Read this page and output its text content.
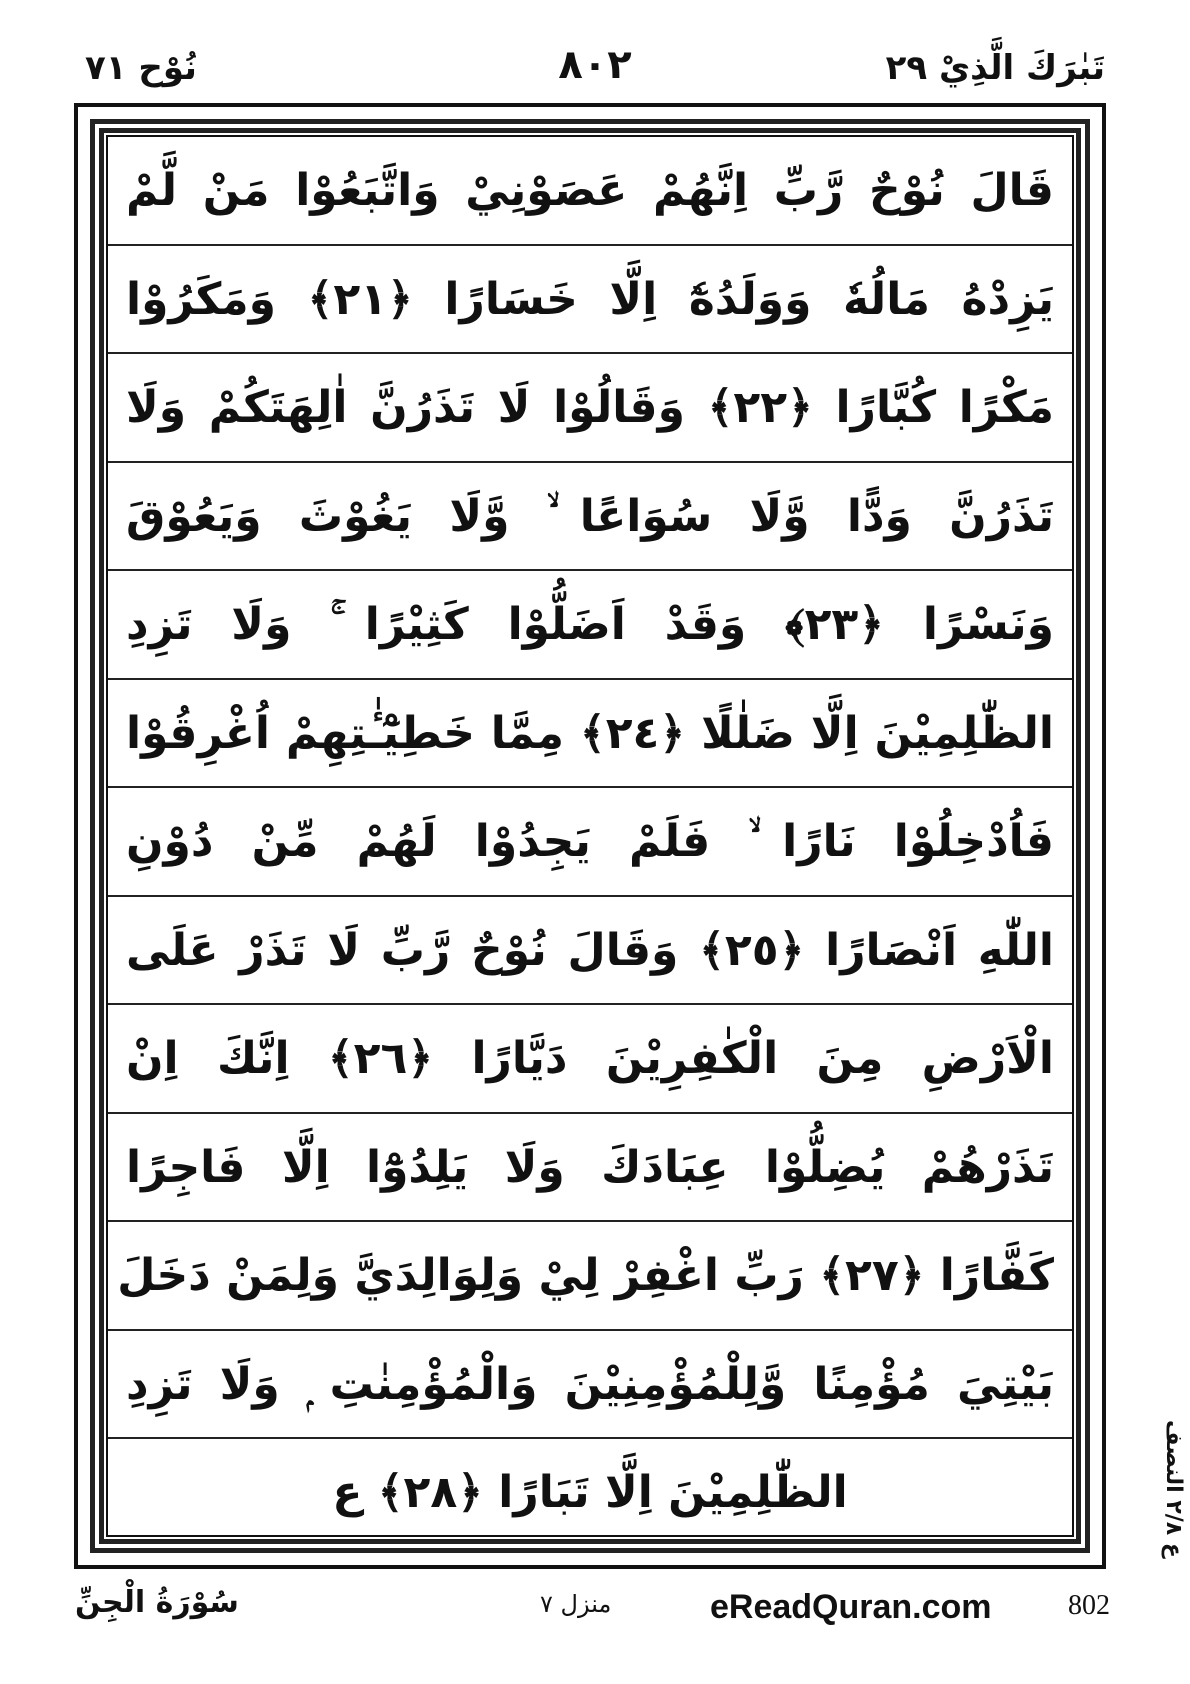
نُوْح ٧١	٨٠٢	تَبٰرَكَ الَّذِيْ ٢٩
قَالَ نُوْحٌ رَّبِّ اِنَّهُمْ عَصَوْنِيْ وَاتَّبَعُوْا مَنْ لَّمْ
يَزِدْهُ مَالُهٗ وَوَلَدُهٗٓ اِلَّا خَسَارًا ﴿٢١﴾ وَمَكَرُوْا
مَكْرًا كُبَّارًا ﴿٢٢﴾ وَقَالُوْا لَا تَذَرُنَّ اٰلِهَتَكُمْ وَلَا
تَذَرُنَّ وَدًّا وَّلَا سُوَاعًا ۙ وَّلَا يَغُوْثَ وَيَعُوْقَ
وَنَسْرًا ﴿٢٣﴾ وَقَدْ اَضَلُّوْا كَثِيْرًا ۚ وَلَا تَزِدِ
الظّٰلِمِيْنَ اِلَّا ضَلٰلًا ﴿٢٤﴾ مِمَّا خَطِيْٓـٰٔتِهِمْ اُغْرِقُوْا
فَاُدْخِلُوْا نَارًا ۙ فَلَمْ يَجِدُوْا لَهُمْ مِّنْ دُوْنِ
اللّٰهِ اَنْصَارًا ﴿٢٥﴾ وَقَالَ نُوْحٌ رَّبِّ لَا تَذَرْ عَلَى
الْاَرْضِ مِنَ الْكٰفِرِيْنَ دَيَّارًا ﴿٢٦﴾ اِنَّكَ اِنْ
تَذَرْهُمْ يُضِلُّوْا عِبَادَكَ وَلَا يَلِدُوْٓا اِلَّا فَاجِرًا
كَفَّارًا ﴿٢٧﴾ رَبِّ اغْفِرْ لِيْ وَلِوَالِدَيَّ وَلِمَنْ دَخَلَ
بَيْتِيَ مُؤْمِنًا وَّلِلْمُؤْمِنِيْنَ وَالْمُؤْمِنٰتِ ۭ وَلَا تَزِدِ
الظّٰلِمِيْنَ اِلَّا تَبَارًا ﴿٢٨﴾ ع	ع ٢/٨ النصف
سُوْرَةُ الْجِنِّ	منزل ٧	eReadQuran.com	802
